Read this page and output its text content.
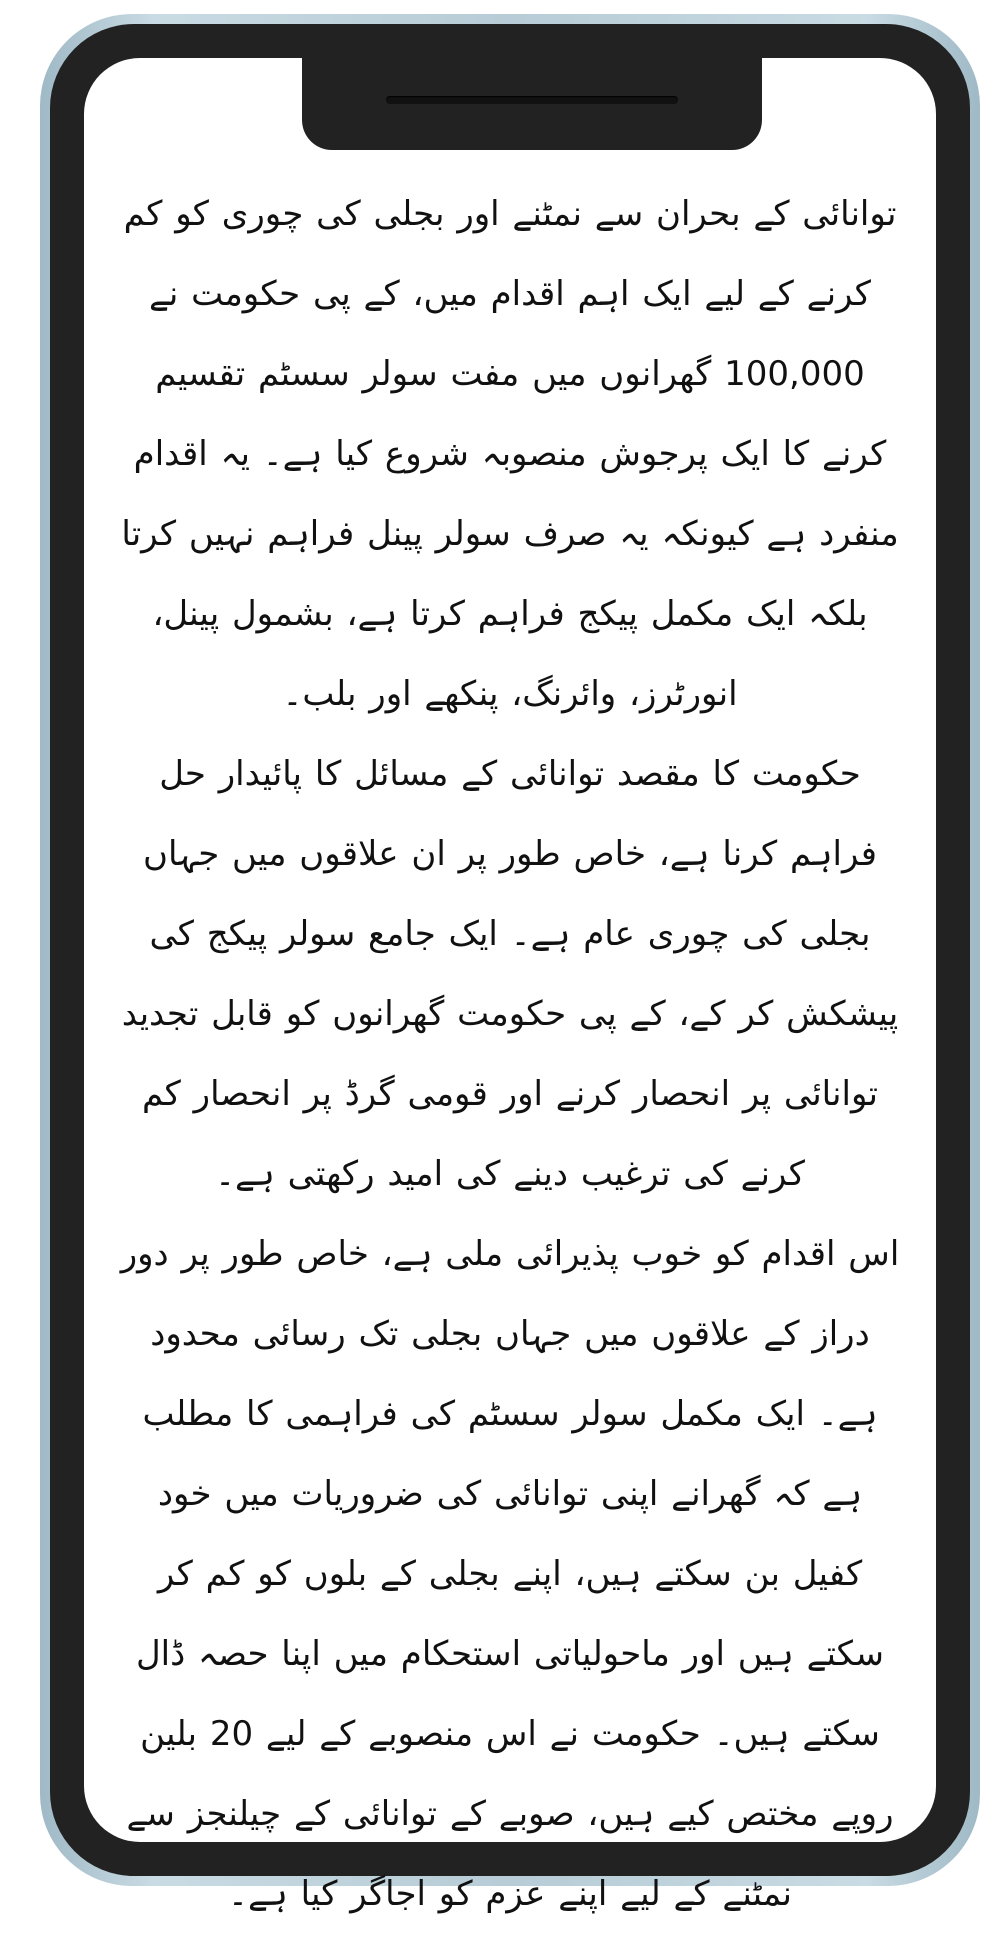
توانائی کے بحران سے نمٹنے اور بجلی کی چوری کو کم کرنے کے لیے ایک اہم اقدام میں، کے پی حکومت نے 100,000 گھرانوں میں مفت سولر سسٹم تقسیم کرنے کا ایک پرجوش منصوبہ شروع کیا ہے۔ یہ اقدام منفرد ہے کیونکہ یہ صرف سولر پینل فراہم نہیں کرتا بلکہ ایک مکمل پیکج فراہم کرتا ہے، بشمول پینل، انورٹرز، وائرنگ، پنکھے اور بلب۔

حکومت کا مقصد توانائی کے مسائل کا پائیدار حل فراہم کرنا ہے، خاص طور پر ان علاقوں میں جہاں بجلی کی چوری عام ہے۔ ایک جامع سولر پیکج کی پیشکش کر کے، کے پی حکومت گھرانوں کو قابل تجدید توانائی پر انحصار کرنے اور قومی گرڈ پر انحصار کم کرنے کی ترغیب دینے کی امید رکھتی ہے۔

اس اقدام کو خوب پذیرائی ملی ہے، خاص طور پر دور دراز کے علاقوں میں جہاں بجلی تک رسائی محدود ہے۔ ایک مکمل سولر سسٹم کی فراہمی کا مطلب ہے کہ گھرانے اپنی توانائی کی ضروریات میں خود کفیل بن سکتے ہیں، اپنے بجلی کے بلوں کو کم کر سکتے ہیں اور ماحولیاتی استحکام میں اپنا حصہ ڈال سکتے ہیں۔ حکومت نے اس منصوبے کے لیے 20 بلین روپے مختص کیے ہیں، صوبے کے توانائی کے چیلنجز سے نمٹنے کے لیے اپنے عزم کو اجاگر کیا ہے۔
